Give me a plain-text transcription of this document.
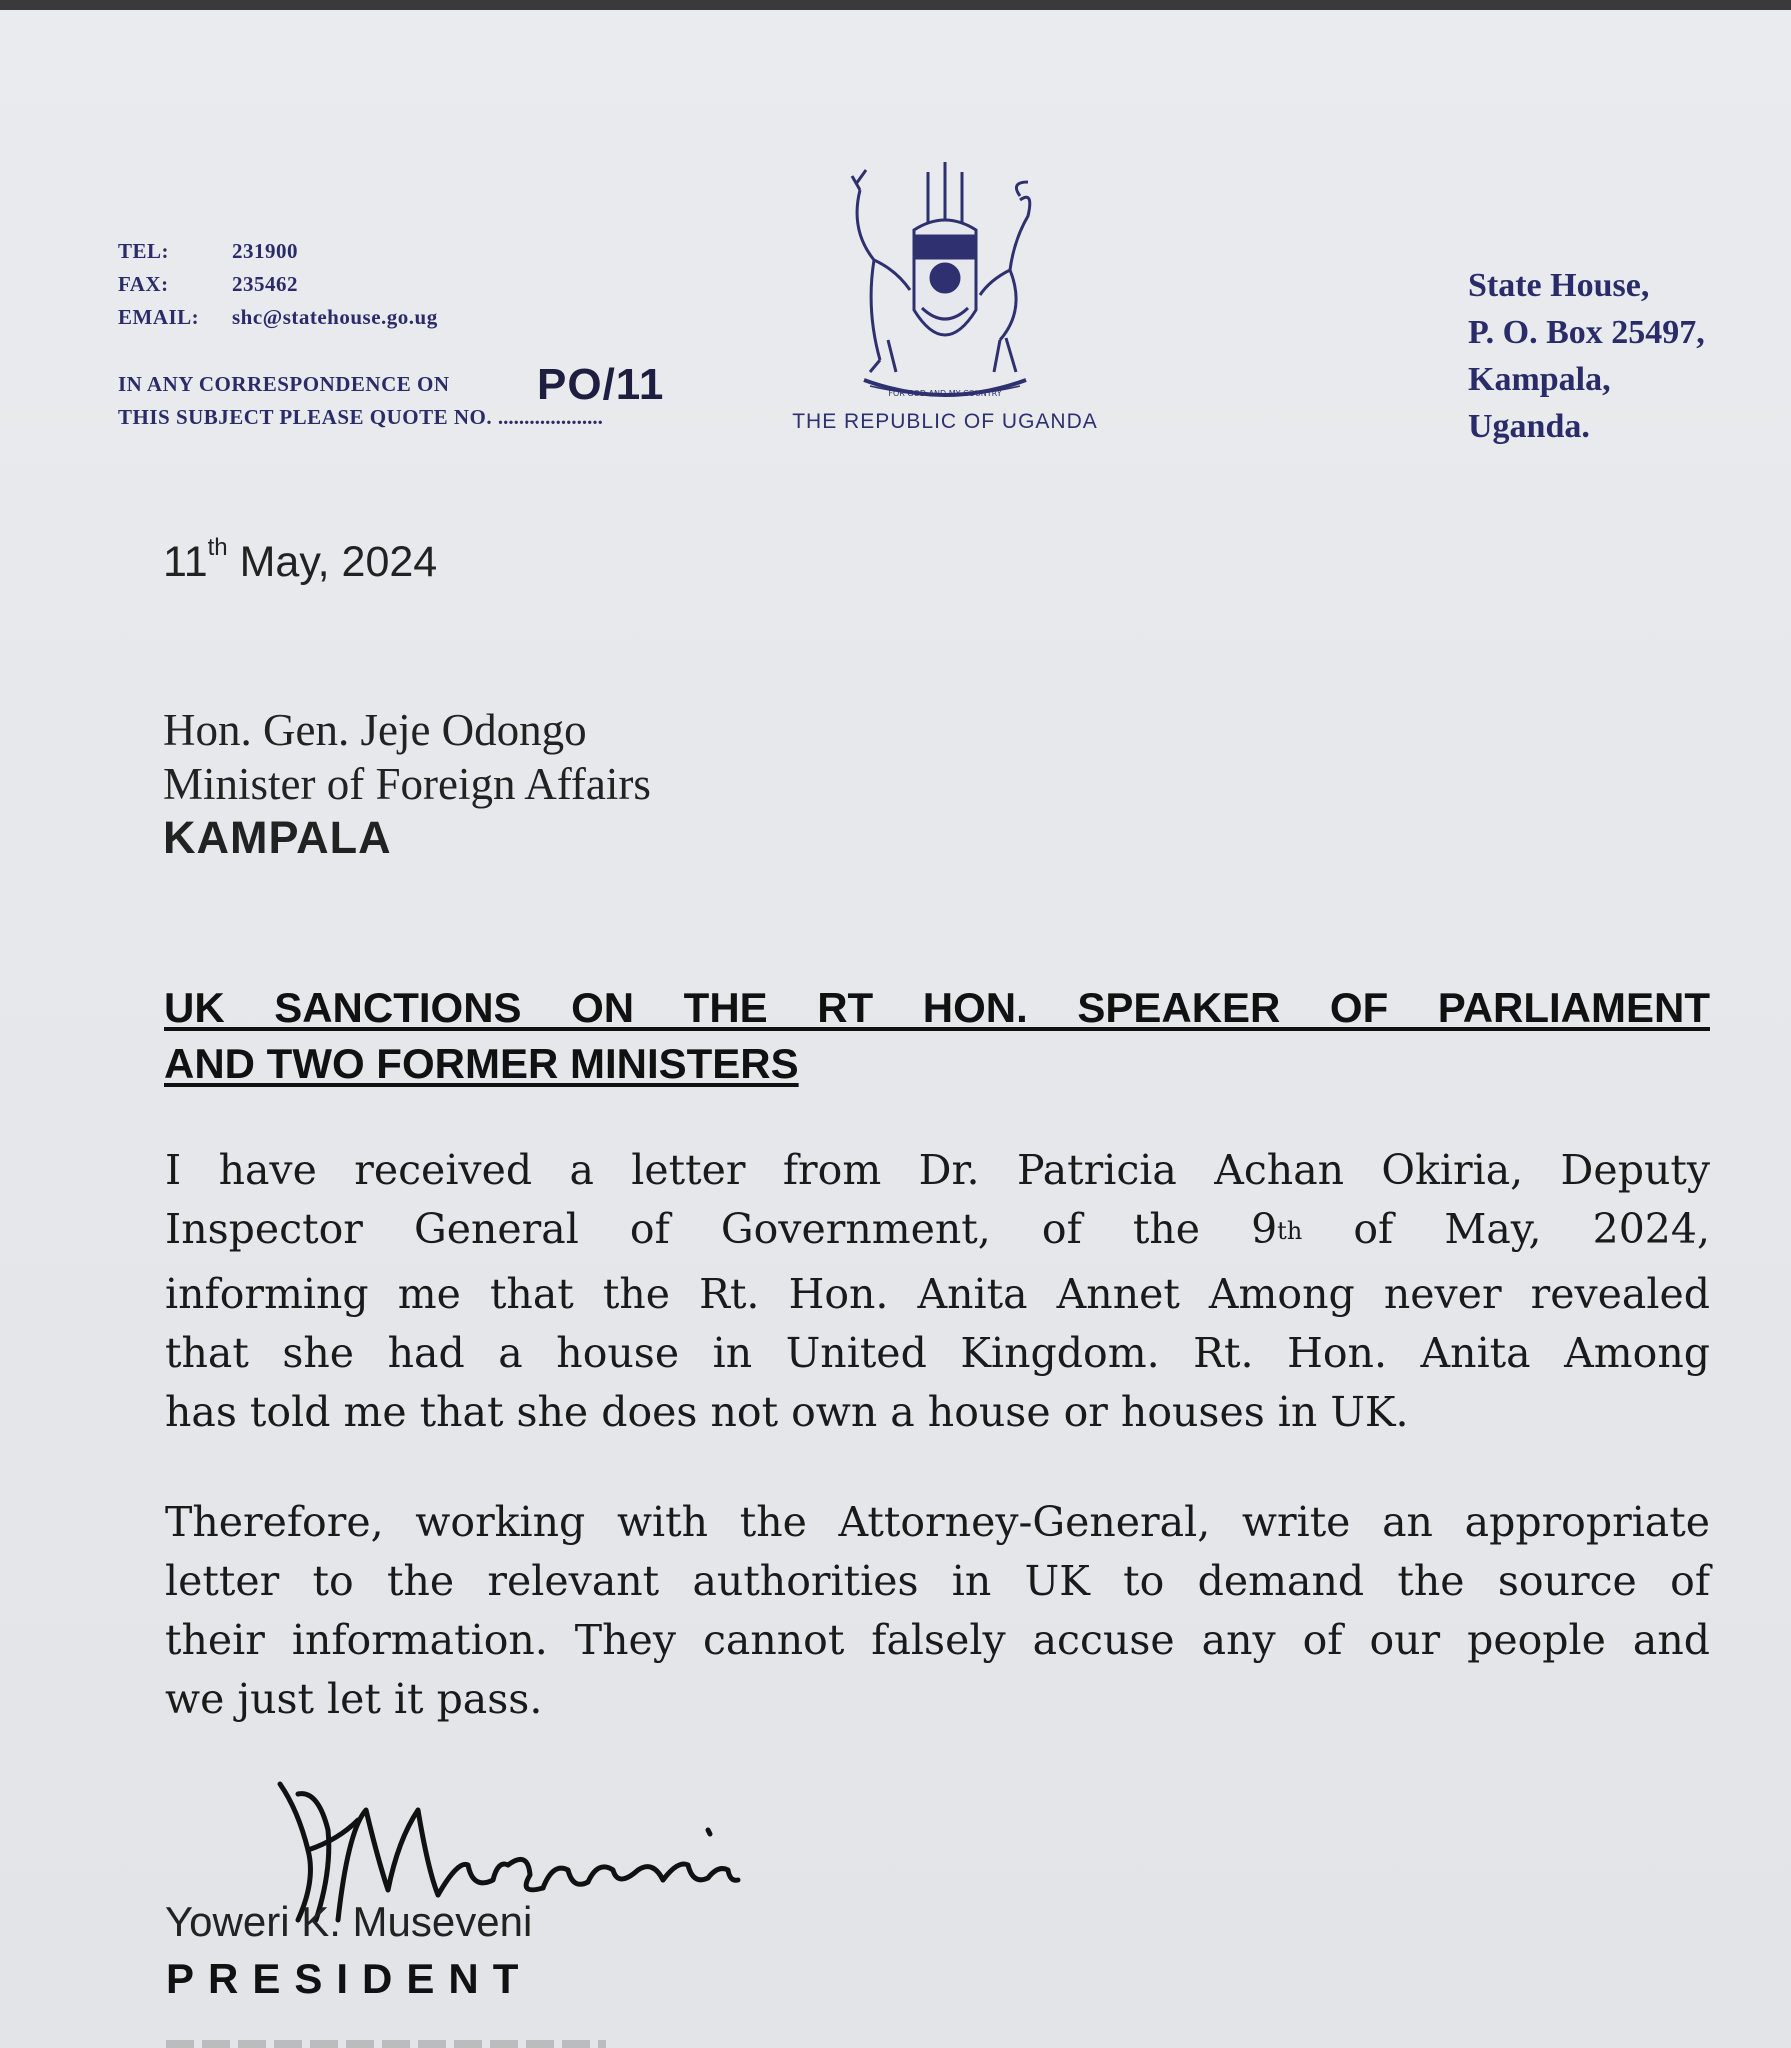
TEL:	231900
FAX:	235462
EMAIL: shc@statehouse.go.ug
IN ANY CORRESPONDENCE ON
THIS SUBJECT PLEASE QUOTE NO. ....................
PO/11	FOR GOD AND MY COUNTRY
THE REPUBLIC OF UGANDA
State House,
P. O. Box 25497,
Kampala,
Uganda.
11th May, 2024
Hon. Gen. Jeje Odongo
Minister of Foreign Affairs
KAMPALA
UK SANCTIONS ON THE RT HON. SPEAKER OF PARLIAMENT
AND TWO FORMER MINISTERS
I have received a letter from Dr. Patricia Achan Okiria, Deputy
Inspector General of Government, of the 9th of May, 2024,
informing me that the Rt. Hon. Anita Annet Among never revealed
that she had a house in United Kingdom. Rt. Hon. Anita Among
has told me that she does not own a house or houses in UK.
Therefore, working with the Attorney-General, write an appropriate
letter to the relevant authorities in UK to demand the source of
their information. They cannot falsely accuse any of our people and
we just let it pass.
Yoweri K. Museveni
PRESIDENT
